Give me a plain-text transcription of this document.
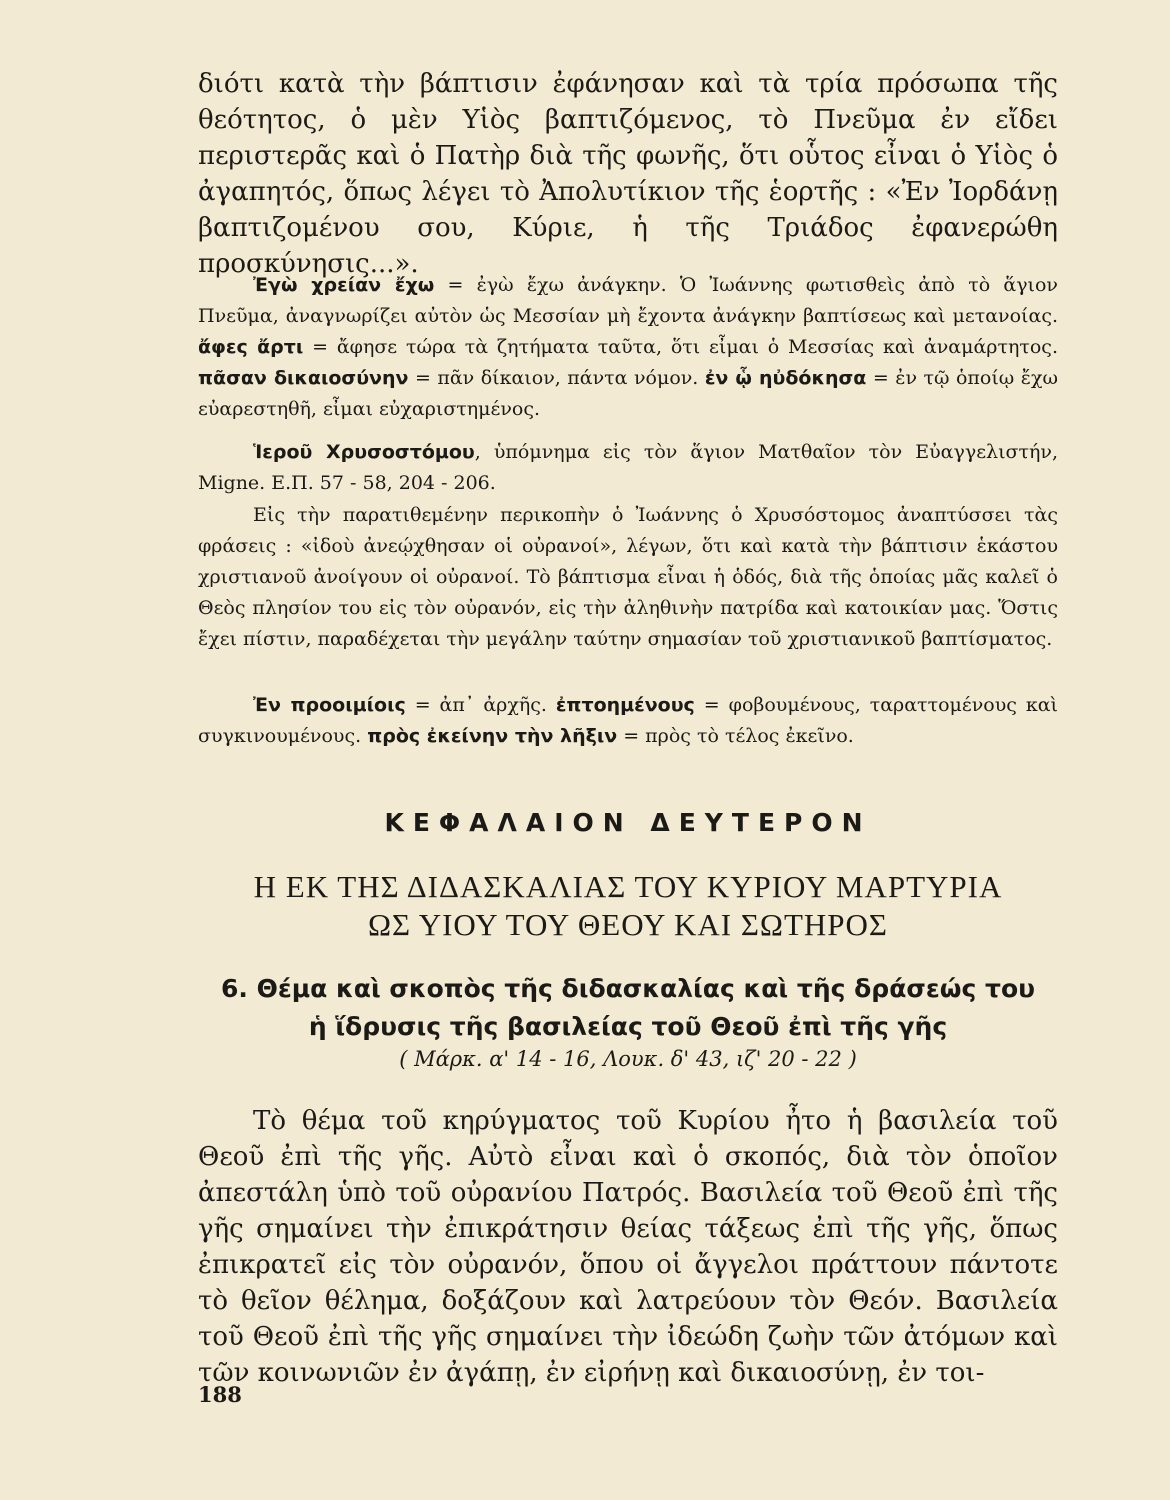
διότι κατὰ τὴν βάπτισιν ἐφάνησαν καὶ τὰ τρία πρόσωπα τῆς θεότητος, ὁ μὲν Υἱὸς βαπτιζόμενος, τὸ Πνεῦμα ἐν εἴδει περιστερᾶς καὶ ὁ Πατὴρ διὰ τῆς φωνῆς, ὅτι οὗτος εἶναι ὁ Υἱὸς ὁ ἀγαπητός, ὅπως λέγει τὸ Ἀπολυτίκιον τῆς ἑορτῆς : «Ἐν Ἰορδάνῃ βαπτιζομένου σου, Κύριε, ἡ τῆς Τριάδος ἐφανερώθη προσκύνησις...».

Ἐγὼ χρείαν ἔχω = ἐγὼ ἔχω ἀνάγκην. Ὁ Ἰωάννης φωτισθεὶς ἀπὸ τὸ ἅγιον Πνεῦμα, ἀναγνωρίζει αὐτὸν ὡς Μεσσίαν μὴ ἔχοντα ἀνάγκην βαπτίσεως καὶ μετανοίας. ἄφες ἄρτι = ἄφησε τώρα τὰ ζητήματα ταῦτα, ὅτι εἶμαι ὁ Μεσσίας καὶ ἀναμάρτητος. πᾶσαν δικαιοσύνην = πᾶν δίκαιον, πάντα νόμον. ἐν ᾧ ηὐδόκησα = ἐν τῷ ὁποίῳ ἔχω εὐαρεστηθῆ, εἶμαι εὐχαριστημένος.

Ἱεροῦ Χρυσοστόμου, ὑπόμνημα εἰς τὸν ἅγιον Ματθαῖον τὸν Εὐαγγελιστήν, Migne. Ε.Π. 57 - 58, 204 - 206.

Εἰς τὴν παρατιθεμένην περικοπὴν ὁ Ἰωάννης ὁ Χρυσόστομος ἀναπτύσσει τὰς φράσεις : «ἰδοὺ ἀνεῴχθησαν οἱ οὐρανοί», λέγων, ὅτι καὶ κατὰ τὴν βάπτισιν ἑκάστου χριστιανοῦ ἀνοίγουν οἱ οὐρανοί. Τὸ βάπτισμα εἶναι ἡ ὁδός, διὰ τῆς ὁποίας μᾶς καλεῖ ὁ Θεὸς πλησίον του εἰς τὸν οὐρανόν, εἰς τὴν ἀληθινὴν πατρίδα καὶ κατοικίαν μας. Ὅστις ἔχει πίστιν, παραδέχεται τὴν μεγάλην ταύτην σημασίαν τοῦ χριστιανικοῦ βαπτίσματος.

Ἐν προοιμίοις = ἀπ᾽ ἀρχῆς. ἐπτοημένους = φοβουμένους, ταραττομένους καὶ συγκινουμένους. πρὸς ἐκείνην τὴν λῆξιν = πρὸς τὸ τέλος ἐκεῖνο.

ΚΕΦΑΛΑΙΟΝ ΔΕΥΤΕΡΟΝ

Η ΕΚ ΤΗΣ ΔΙΔΑΣΚΑΛΙΑΣ ΤΟΥ ΚΥΡΙΟΥ ΜΑΡΤΥΡΙΑ
ΩΣ ΥΙΟΥ ΤΟΥ ΘΕΟΥ ΚΑΙ ΣΩΤΗΡΟΣ
6. Θέμα καὶ σκοπὸς τῆς διδασκαλίας καὶ τῆς δράσεώς του
ἡ ἵδρυσις τῆς βασιλείας τοῦ Θεοῦ ἐπὶ τῆς γῆς

( Μάρκ. α' 14 - 16, Λουκ. δ' 43, ιζ' 20 - 22 )

Τὸ θέμα τοῦ κηρύγματος τοῦ Κυρίου ἦτο ἡ βασιλεία τοῦ Θεοῦ ἐπὶ τῆς γῆς. Αὐτὸ εἶναι καὶ ὁ σκοπός, διὰ τὸν ὁποῖον ἀπεστάλη ὑπὸ τοῦ οὐρανίου Πατρός. Βασιλεία τοῦ Θεοῦ ἐπὶ τῆς γῆς σημαίνει τὴν ἐπικράτησιν θείας τάξεως ἐπὶ τῆς γῆς, ὅπως ἐπικρατεῖ εἰς τὸν οὐρανόν, ὅπου οἱ ἄγγελοι πράττουν πάντοτε τὸ θεῖον θέλημα, δοξάζουν καὶ λατρεύουν τὸν Θεόν. Βασιλεία τοῦ Θεοῦ ἐπὶ τῆς γῆς σημαίνει τὴν ἰδεώδη ζωὴν τῶν ἀτόμων καὶ τῶν κοινωνιῶν ἐν ἀγάπῃ, ἐν εἰρήνῃ καὶ δικαιοσύνῃ, ἐν τοι-

188
